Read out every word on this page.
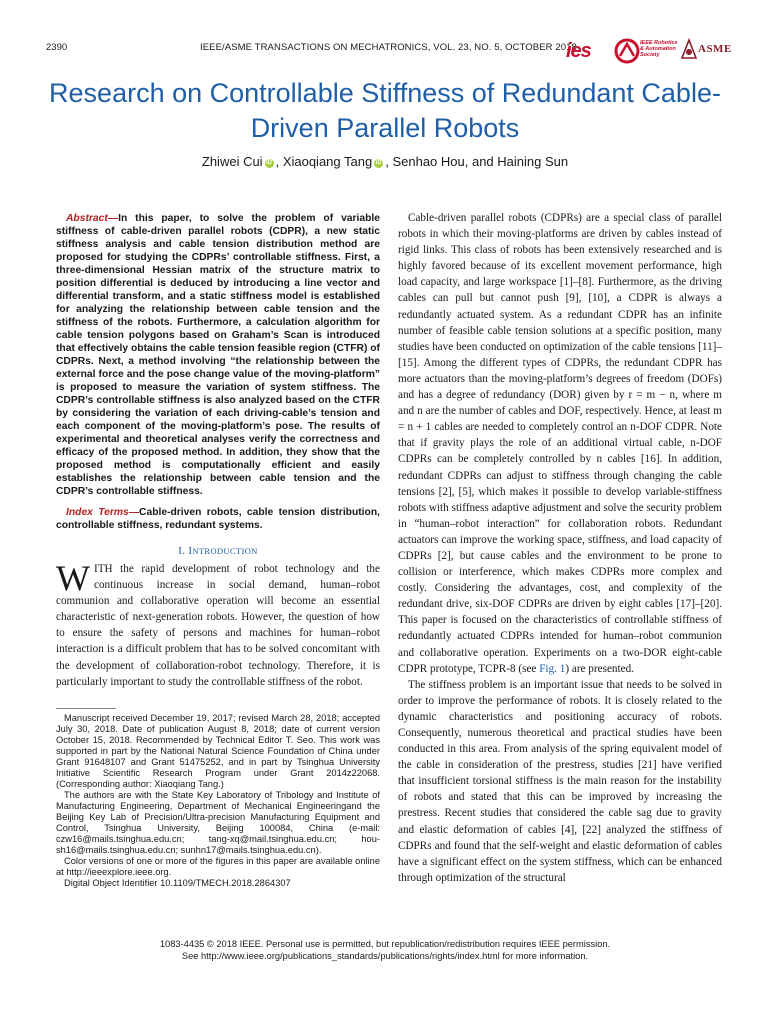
2390	IEEE/ASME TRANSACTIONS ON MECHATRONICS, VOL. 23, NO. 5, OCTOBER 2018
ies	IEEE Robotics & Automation Society	ASME
Research on Controllable Stiffness of Redundant Cable-Driven Parallel Robots
Zhiwei Cui iD , Xiaoqiang Tang iD , Senhao Hou, and Haining Sun

Abstract—In this paper, to solve the problem of variable stiffness of cable-driven parallel robots (CDPR), a new static stiffness analysis and cable tension distribution method are proposed for studying the CDPRs’ controllable stiffness. First, a three-dimensional Hessian matrix of the structure matrix to position differential is deduced by introducing a line vector and differential transform, and a static stiffness model is established for analyzing the relationship between cable tension and the stiffness of the robots. Furthermore, a calculation algorithm for cable tension polygons based on Graham’s Scan is introduced that effectively obtains the cable tension feasible region (CTFR) of CDPRs. Next, a method involving “the relationship between the external force and the pose change value of the moving-platform” is proposed to measure the variation of system stiffness. The CDPR’s controllable stiffness is also analyzed based on the CTFR by considering the variation of each driving-cable’s tension and each component of the moving-platform’s pose. The results of experimental and theoretical analyses verify the correctness and efficacy of the proposed method. In addition, they show that the proposed method is computationally efficient and easily establishes the relationship between cable tension and the CDPR’s controllable stiffness.

Index Terms—Cable-driven robots, cable tension distribution, controllable stiffness, redundant systems.

I. INTRODUCTION

WITH the rapid development of robot technology and the continuous increase in social demand, human–robot communion and collaborative operation will become an essential characteristic of next-generation robots. However, the question of how to ensure the safety of persons and machines for human–robot interaction is a difficult problem that has to be solved concomitant with the development of collaboration-robot technology. Therefore, it is particularly important to study the controllable stiffness of the robot.

Manuscript received December 19, 2017; revised March 28, 2018; accepted July 30, 2018. Date of publication August 8, 2018; date of current version October 15, 2018. Recommended by Technical Editor T. Seo. This work was supported in part by the National Natural Science Foundation of China under Grant 91648107 and Grant 51475252, and in part by Tsinghua University Initiative Scientific Research Program under Grant 2014z22068. (Corresponding author: Xiaoqiang Tang.)

The authors are with the State Key Laboratory of Tribology and Institute of Manufacturing Engineering, Department of Mechanical Engineeringand the Beijing Key Lab of Precision/Ultra-precision Manufacturing Equipment and Control, Tsinghua University, Beijing 100084, China (e-mail: czw16@mails.tsinghua.edu.cn; tang-xq@mail.tsinghua.edu.cn; hou-sh16@mails.tsinghua.edu.cn; sunhn17@mails.tsinghua.edu.cn).

Color versions of one or more of the figures in this paper are available online at http://ieeexplore.ieee.org.

Digital Object Identifier 10.1109/TMECH.2018.2864307

Cable-driven parallel robots (CDPRs) are a special class of parallel robots in which their moving-platforms are driven by cables instead of rigid links. This class of robots has been extensively researched and is highly favored because of its excellent movement performance, high load capacity, and large workspace [1]–[8]. Furthermore, as the driving cables can pull but cannot push [9], [10], a CDPR is always a redundantly actuated system. As a redundant CDPR has an infinite number of feasible cable tension solutions at a specific position, many studies have been conducted on optimization of the cable tensions [11]–[15]. Among the different types of CDPRs, the redundant CDPR has more actuators than the moving-platform’s degrees of freedom (DOFs) and has a degree of redundancy (DOR) given by r = m − n, where m and n are the number of cables and DOF, respectively. Hence, at least m = n + 1 cables are needed to completely control an n-DOF CDPR. Note that if gravity plays the role of an additional virtual cable, n-DOF CDPRs can be completely controlled by n cables [16]. In addition, redundant CDPRs can adjust to stiffness through changing the cable tensions [2], [5], which makes it possible to develop variable-stiffness robots with stiffness adaptive adjustment and solve the security problem in “human–robot interaction” for collaboration robots. Redundant actuators can improve the working space, stiffness, and load capacity of CDPRs [2], but cause cables and the environment to be prone to collision or interference, which makes CDPRs more complex and costly. Considering the advantages, cost, and complexity of the redundant drive, six-DOF CDPRs are driven by eight cables [17]–[20]. This paper is focused on the characteristics of controllable stiffness of redundantly actuated CDPRs intended for human–robot communion and collaborative operation. Experiments on a two-DOR eight-cable CDPR prototype, TCPR-8 (see Fig. 1) are presented.

The stiffness problem is an important issue that needs to be solved in order to improve the performance of robots. It is closely related to the dynamic characteristics and positioning accuracy of robots. Consequently, numerous theoretical and practical studies have been conducted in this area. From analysis of the spring equivalent model of the cable in consideration of the prestress, studies [21] have verified that insufficient torsional stiffness is the main reason for the instability of robots and stated that this can be improved by increasing the prestress. Recent studies that considered the cable sag due to gravity and elastic deformation of cables [4], [22] analyzed the stiffness of CDPRs and found that the self-weight and elastic deformation of cables have a significant effect on the system stiffness, which can be enhanced through optimization of the structural

1083-4435 © 2018 IEEE. Personal use is permitted, but republication/redistribution requires IEEE permission.
See http://www.ieee.org/publications_standards/publications/rights/index.html for more information.
